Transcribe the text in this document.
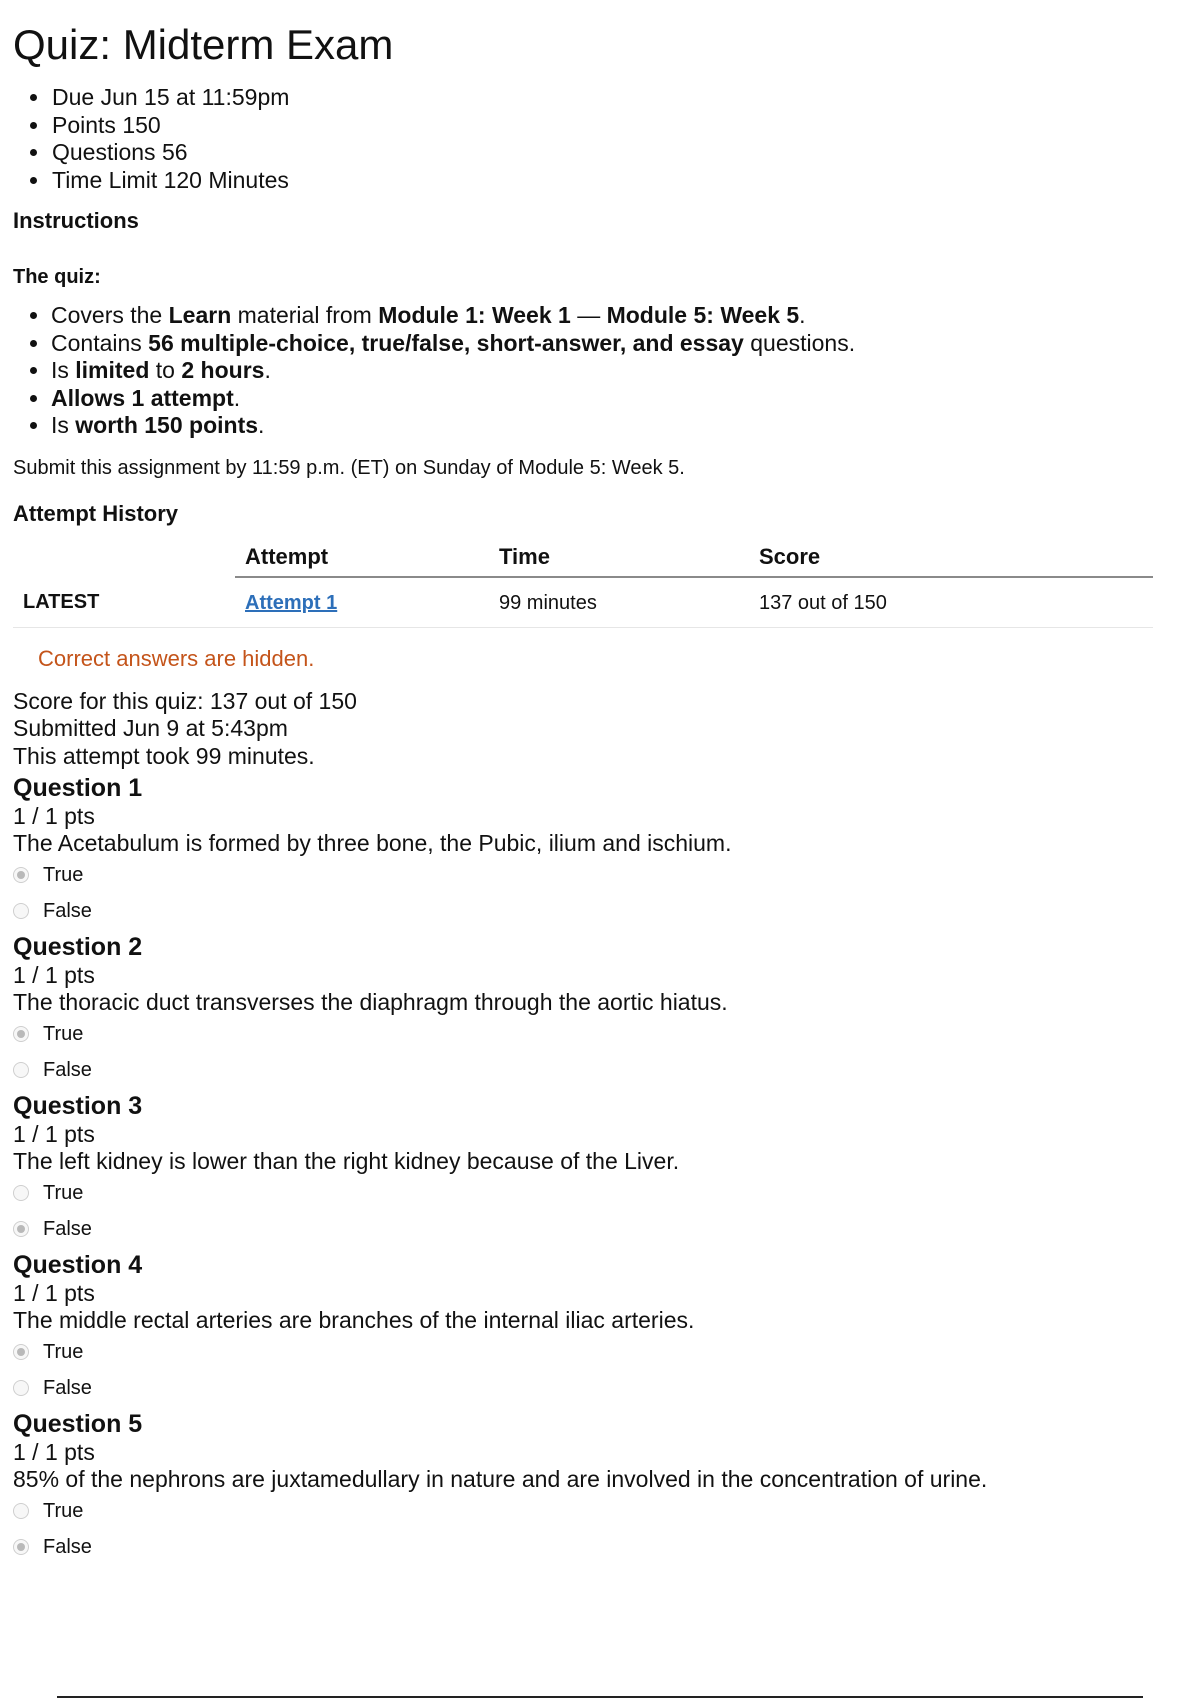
Quiz: Midterm Exam
• Due Jun 15 at 11:59pm
• Points 150
• Questions 56
• Time Limit 120 Minutes
Instructions
The quiz:
• Covers the Learn material from Module 1: Week 1 — Module 5: Week 5.
• Contains 56 multiple-choice, true/false, short-answer, and essay questions.
• Is limited to 2 hours.
• Allows 1 attempt.
• Is worth 150 points.
Submit this assignment by 11:59 p.m. (ET) on Sunday of Module 5: Week 5.
Attempt History
	Attempt	Time	Score
LATEST	Attempt 1	99 minutes	137 out of 150
Correct answers are hidden.
Score for this quiz: 137 out of 150
Submitted Jun 9 at 5:43pm
This attempt took 99 minutes.
Question 1
1 / 1 pts
The Acetabulum is formed by three bone, the Pubic, ilium and ischium.
True
False
Question 2
1 / 1 pts
The thoracic duct transverses the diaphragm through the aortic hiatus.
True
False
Question 3
1 / 1 pts
The left kidney is lower than the right kidney because of the Liver.
True
False
Question 4
1 / 1 pts
The middle rectal arteries are branches of the internal iliac arteries.
True
False
Question 5
1 / 1 pts
85% of the nephrons are juxtamedullary in nature and are involved in the concentration of urine.
True
False
